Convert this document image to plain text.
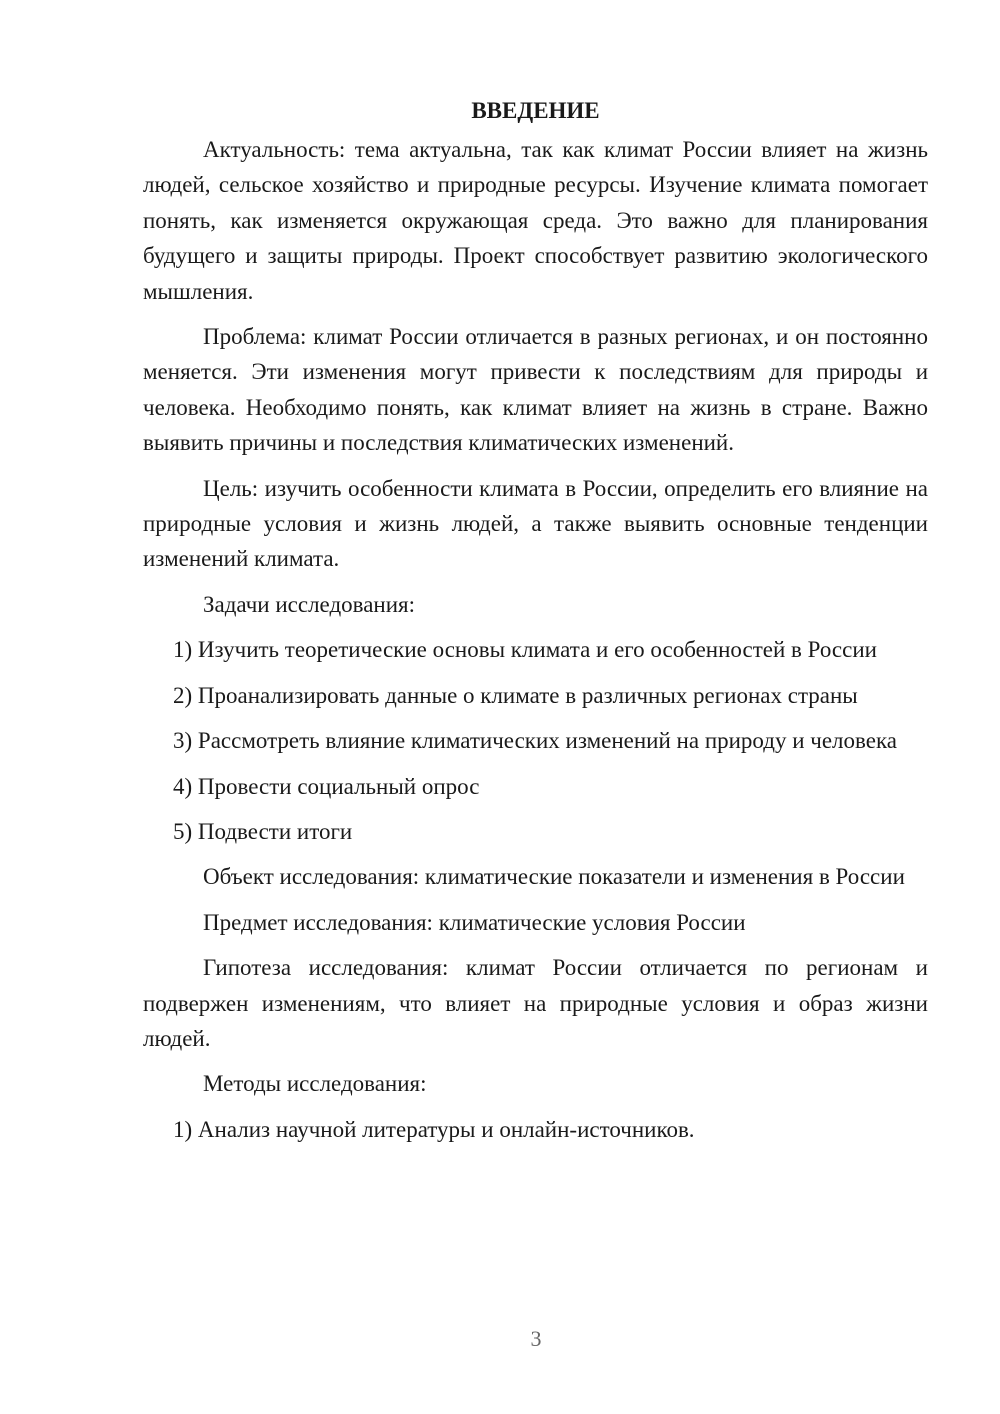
ВВЕДЕНИЕ

Актуальность: тема актуальна, так как климат России влияет на жизнь людей, сельское хозяйство и природные ресурсы. Изучение климата помогает понять, как изменяется окружающая среда. Это важно для планирования будущего и защиты природы. Проект способствует развитию экологического мышления.

Проблема: климат России отличается в разных регионах, и он постоянно меняется. Эти изменения могут привести к последствиям для природы и человека. Необходимо понять, как климат влияет на жизнь в стране. Важно выявить причины и последствия климатических изменений.

Цель: изучить особенности климата в России, определить его влияние на природные условия и жизнь людей, а также выявить основные тенденции изменений климата.

Задачи исследования:

1) Изучить теоретические основы климата и его особенностей в России

2) Проанализировать данные о климате в различных регионах страны

3) Рассмотреть влияние климатических изменений на природу и человека

4) Провести социальный опрос

5) Подвести итоги

Объект исследования: климатические показатели и изменения в России

Предмет исследования: климатические условия России

Гипотеза исследования: климат России отличается по регионам и подвержен изменениям, что влияет на природные условия и образ жизни людей.

Методы исследования:

1) Анализ научной литературы и онлайн-источников.

3
